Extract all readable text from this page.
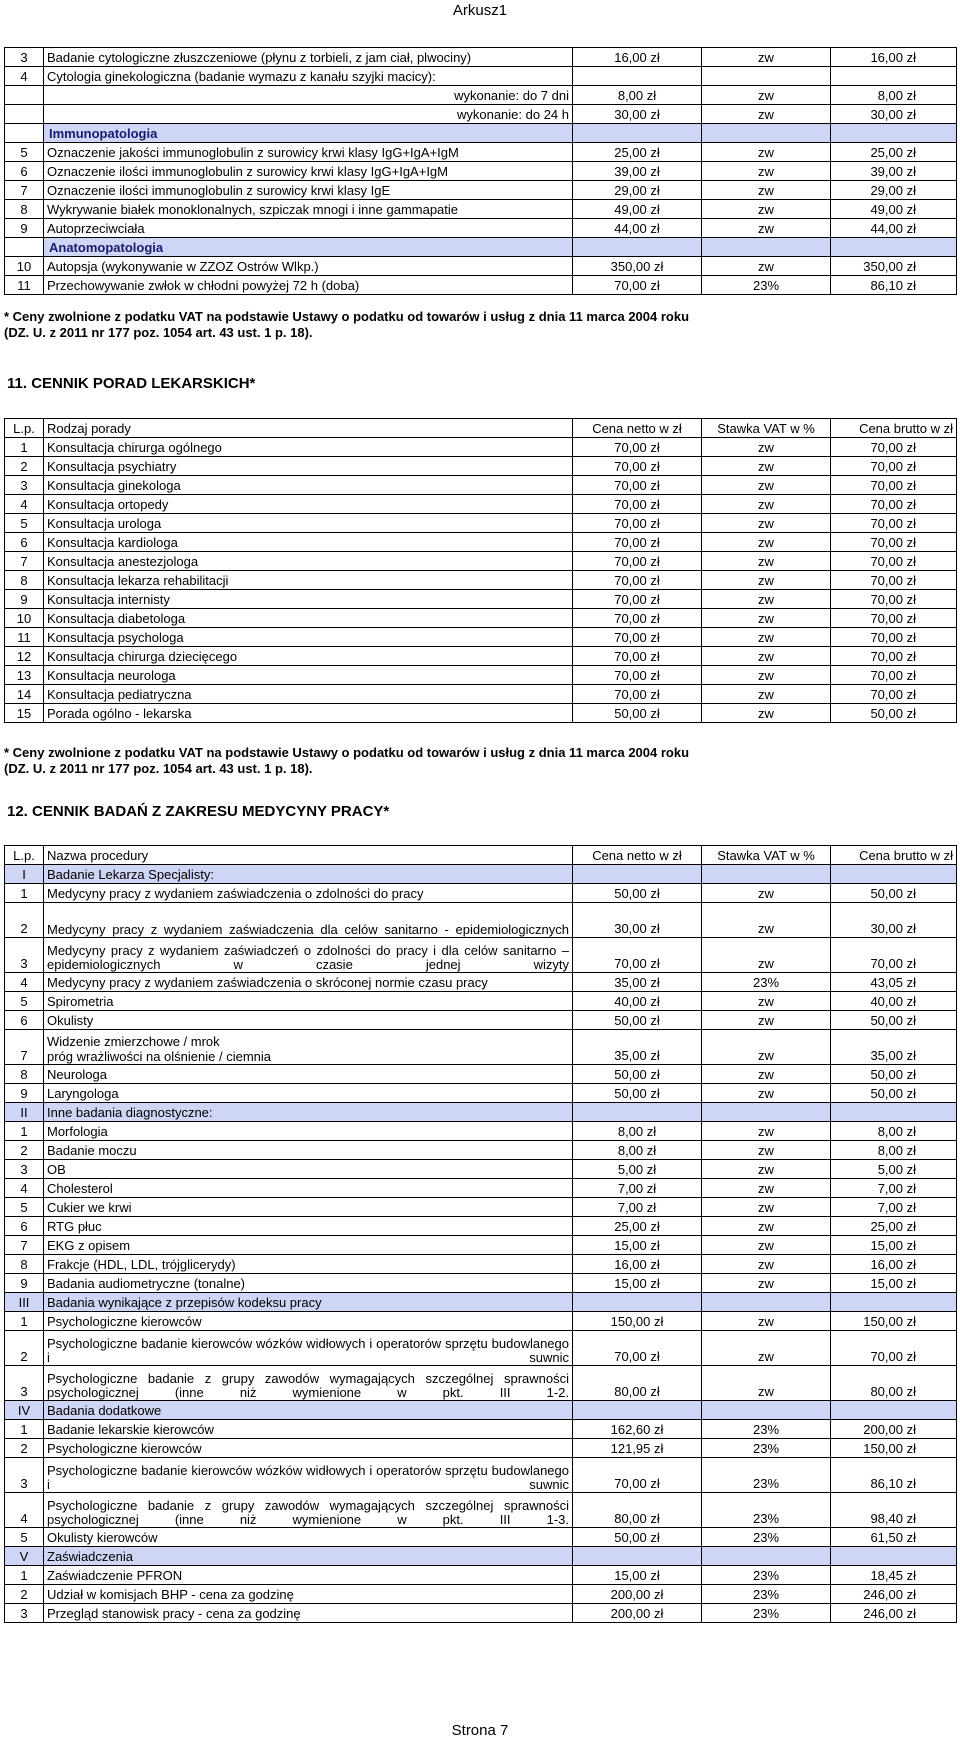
Arkusz1
3	Badanie cytologiczne złuszczeniowe (płynu z torbieli, z jam ciał, plwociny)	16,00 zł	zw	16,00 zł
4	Cytologia ginekologiczna (badanie wymazu z kanału szyjki macicy):			
	wykonanie: do 7 dni	8,00 zł	zw	8,00 zł
	wykonanie: do 24 h	30,00 zł	zw	30,00 zł
	Immunopatologia			
5	Oznaczenie jakości immunoglobulin z surowicy krwi klasy IgG+IgA+IgM	25,00 zł	zw	25,00 zł
6	Oznaczenie ilości immunoglobulin z surowicy krwi klasy IgG+IgA+IgM	39,00 zł	zw	39,00 zł
7	Oznaczenie ilości immunoglobulin z surowicy krwi klasy IgE	29,00 zł	zw	29,00 zł
8	Wykrywanie białek monoklonalnych, szpiczak mnogi i inne gammapatie	49,00 zł	zw	49,00 zł
9	Autoprzeciwciała	44,00 zł	zw	44,00 zł
	Anatomopatologia			
10	Autopsja (wykonywanie w ZZOZ Ostrów Wlkp.)	350,00 zł	zw	350,00 zł
11	Przechowywanie zwłok w chłodni powyżej 72 h (doba)	70,00 zł	23%	86,10 zł
* Ceny zwolnione z podatku VAT na podstawie Ustawy o podatku od towarów i usług z dnia 11 marca 2004 roku
(DZ. U. z 2011 nr 177 poz. 1054 art. 43 ust. 1 p. 18).
11. CENNIK PORAD LEKARSKICH*
L.p.	Rodzaj porady	Cena netto w zł	Stawka VAT w %	Cena brutto w zł
1	Konsultacja chirurga ogólnego	70,00 zł	zw	70,00 zł
2	Konsultacja psychiatry	70,00 zł	zw	70,00 zł
3	Konsultacja ginekologa	70,00 zł	zw	70,00 zł
4	Konsultacja ortopedy	70,00 zł	zw	70,00 zł
5	Konsultacja urologa	70,00 zł	zw	70,00 zł
6	Konsultacja kardiologa	70,00 zł	zw	70,00 zł
7	Konsultacja anestezjologa	70,00 zł	zw	70,00 zł
8	Konsultacja lekarza rehabilitacji	70,00 zł	zw	70,00 zł
9	Konsultacja internisty	70,00 zł	zw	70,00 zł
10	Konsultacja diabetologa	70,00 zł	zw	70,00 zł
11	Konsultacja psychologa	70,00 zł	zw	70,00 zł
12	Konsultacja chirurga dziecięcego	70,00 zł	zw	70,00 zł
13	Konsultacja neurologa	70,00 zł	zw	70,00 zł
14	Konsultacja pediatryczna	70,00 zł	zw	70,00 zł
15	Porada ogólno - lekarska	50,00 zł	zw	50,00 zł
* Ceny zwolnione z podatku VAT na podstawie Ustawy o podatku od towarów i usług z dnia 11 marca 2004 roku
(DZ. U. z 2011 nr 177 poz. 1054 art. 43 ust. 1 p. 18).
12. CENNIK BADAŃ Z ZAKRESU MEDYCYNY PRACY*
L.p.	Nazwa procedury	Cena netto w zł	Stawka VAT w %	Cena brutto w zł
I	Badanie Lekarza Specjalisty:			
1	Medycyny pracy z wydaniem zaświadczenia o zdolności do pracy	50,00 zł	zw	50,00 zł
2	Medycyny pracy z wydaniem zaświadczenia dla celów sanitarno - epidemiologicznych	30,00 zł	zw	30,00 zł
3	Medycyny pracy z wydaniem zaświadczeń o zdolności do pracy i dla celów sanitarno – epidemiologicznych w czasie jednej wizyty	70,00 zł	zw	70,00 zł
4	Medycyny pracy z wydaniem zaświadczenia o skróconej normie czasu pracy	35,00 zł	23%	43,05 zł
5	Spirometria	40,00 zł	zw	40,00 zł
6	Okulisty	50,00 zł	zw	50,00 zł
7	Widzenie zmierzchowe / mrok
próg wrażliwości na olśnienie / ciemnia	35,00 zł	zw	35,00 zł
8	Neurologa	50,00 zł	zw	50,00 zł
9	Laryngologa	50,00 zł	zw	50,00 zł
II	Inne badania diagnostyczne:			
1	Morfologia	8,00 zł	zw	8,00 zł
2	Badanie moczu	8,00 zł	zw	8,00 zł
3	OB	5,00 zł	zw	5,00 zł
4	Cholesterol	7,00 zł	zw	7,00 zł
5	Cukier we krwi	7,00 zł	zw	7,00 zł
6	RTG płuc	25,00 zł	zw	25,00 zł
7	EKG z opisem	15,00 zł	zw	15,00 zł
8	Frakcje (HDL, LDL, trójglicerydy)	16,00 zł	zw	16,00 zł
9	Badania audiometryczne (tonalne)	15,00 zł	zw	15,00 zł
III	Badania wynikające z przepisów kodeksu pracy			
1	Psychologiczne kierowców	150,00 zł	zw	150,00 zł
2	Psychologiczne badanie kierowców wózków widłowych i operatorów sprzętu budowlanego i suwnic	70,00 zł	zw	70,00 zł
3	Psychologiczne badanie z grupy zawodów wymagających szczególnej sprawności psychologicznej (inne niż wymienione w pkt. III 1-2.	80,00 zł	zw	80,00 zł
IV	Badania dodatkowe			
1	Badanie lekarskie kierowców	162,60 zł	23%	200,00 zł
2	Psychologiczne kierowców	121,95 zł	23%	150,00 zł
3	Psychologiczne badanie kierowców wózków widłowych i operatorów sprzętu budowlanego i suwnic	70,00 zł	23%	86,10 zł
4	Psychologiczne badanie z grupy zawodów wymagających szczególnej sprawności psychologicznej (inne niż wymienione w pkt. III 1-3.	80,00 zł	23%	98,40 zł
5	Okulisty kierowców	50,00 zł	23%	61,50 zł
V	Zaświadczenia			
1	Zaświadczenie PFRON	15,00 zł	23%	18,45 zł
2	Udział w komisjach BHP - cena za godzinę	200,00 zł	23%	246,00 zł
3	Przegląd stanowisk pracy - cena za godzinę	200,00 zł	23%	246,00 zł
Strona 7
